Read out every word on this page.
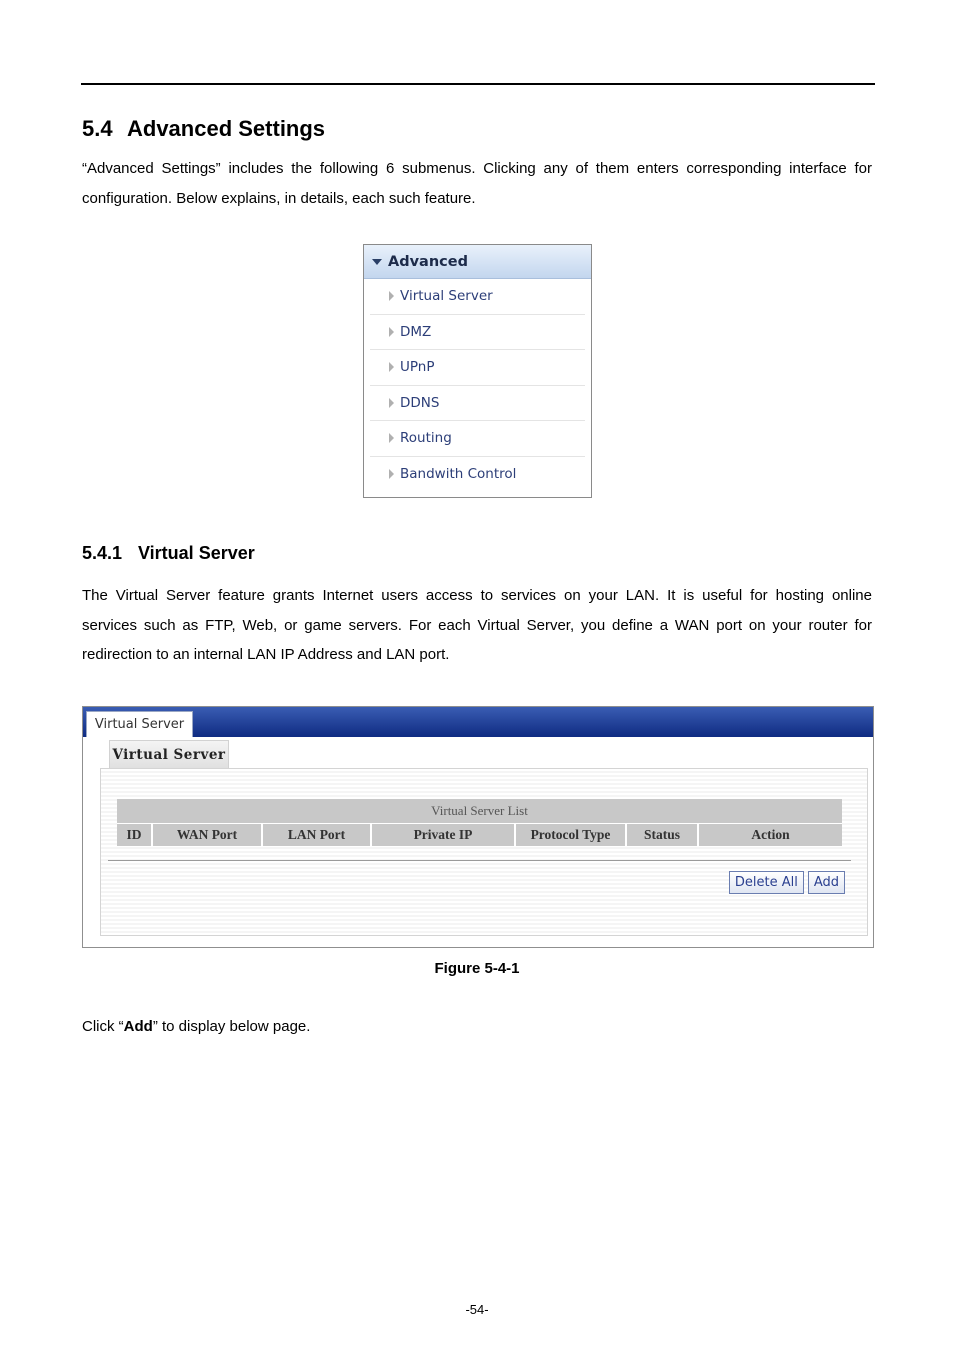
5.4 Advanced Settings
“Advanced Settings” includes the following 6 submenus. Clicking any of them enters corresponding interface for
configuration. Below explains, in details, each such feature.
Advanced
Virtual Server
DMZ
UPnP
DDNS
Routing
Bandwith Control
5.4.1 Virtual Server
The Virtual Server feature grants Internet users access to services on your LAN. It is useful for hosting online
services such as FTP, Web, or game servers. For each Virtual Server, you define a WAN port on your router for
redirection to an internal LAN IP Address and LAN port.
Virtual Server
Virtual Server
Virtual Server List
ID	WAN Port	LAN Port	Private IP	Protocol Type	Status	Action
Delete All	Add
Figure 5-4-1
Click “Add” to display below page.
-54-
